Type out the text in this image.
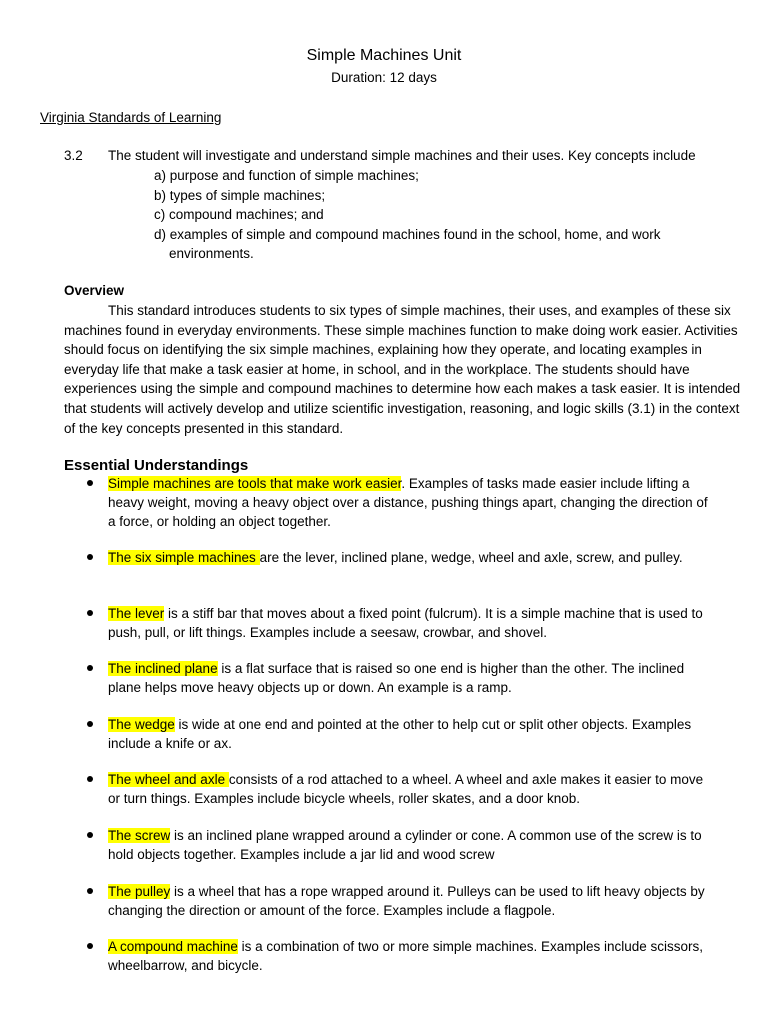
Simple Machines Unit
Duration: 12 days
Virginia Standards of Learning
3.2 The student will investigate and understand simple machines and their uses. Key concepts include
a) purpose and function of simple machines;
b) types of simple machines;
c) compound machines; and
d) examples of simple and compound machines found in the school, home, and work environments.
Overview

This standard introduces students to six types of simple machines, their uses, and examples of these six machines found in everyday environments. These simple machines function to make doing work easier. Activities should focus on identifying the six simple machines, explaining how they operate, and locating examples in everyday life that make a task easier at home, in school, and in the workplace. The students should have experiences using the simple and compound machines to determine how each makes a task easier. It is intended that students will actively develop and utilize scientific investigation, reasoning, and logic skills (3.1) in the context of the key concepts presented in this standard.

Essential Understandings
Simple machines are tools that make work easier. Examples of tasks made easier include lifting a heavy weight, moving a heavy object over a distance, pushing things apart, changing the direction of a force, or holding an object together.
The six simple machines are the lever, inclined plane, wedge, wheel and axle, screw, and pulley.
The lever is a stiff bar that moves about a fixed point (fulcrum). It is a simple machine that is used to push, pull, or lift things. Examples include a seesaw, crowbar, and shovel.
The inclined plane is a flat surface that is raised so one end is higher than the other. The inclined plane helps move heavy objects up or down. An example is a ramp.
The wedge is wide at one end and pointed at the other to help cut or split other objects. Examples include a knife or ax.
The wheel and axle consists of a rod attached to a wheel. A wheel and axle makes it easier to move or turn things. Examples include bicycle wheels, roller skates, and a door knob.
The screw is an inclined plane wrapped around a cylinder or cone. A common use of the screw is to hold objects together. Examples include a jar lid and wood screw
The pulley is a wheel that has a rope wrapped around it. Pulleys can be used to lift heavy objects by changing the direction or amount of the force. Examples include a flagpole.
A compound machine is a combination of two or more simple machines. Examples include scissors, wheelbarrow, and bicycle.
